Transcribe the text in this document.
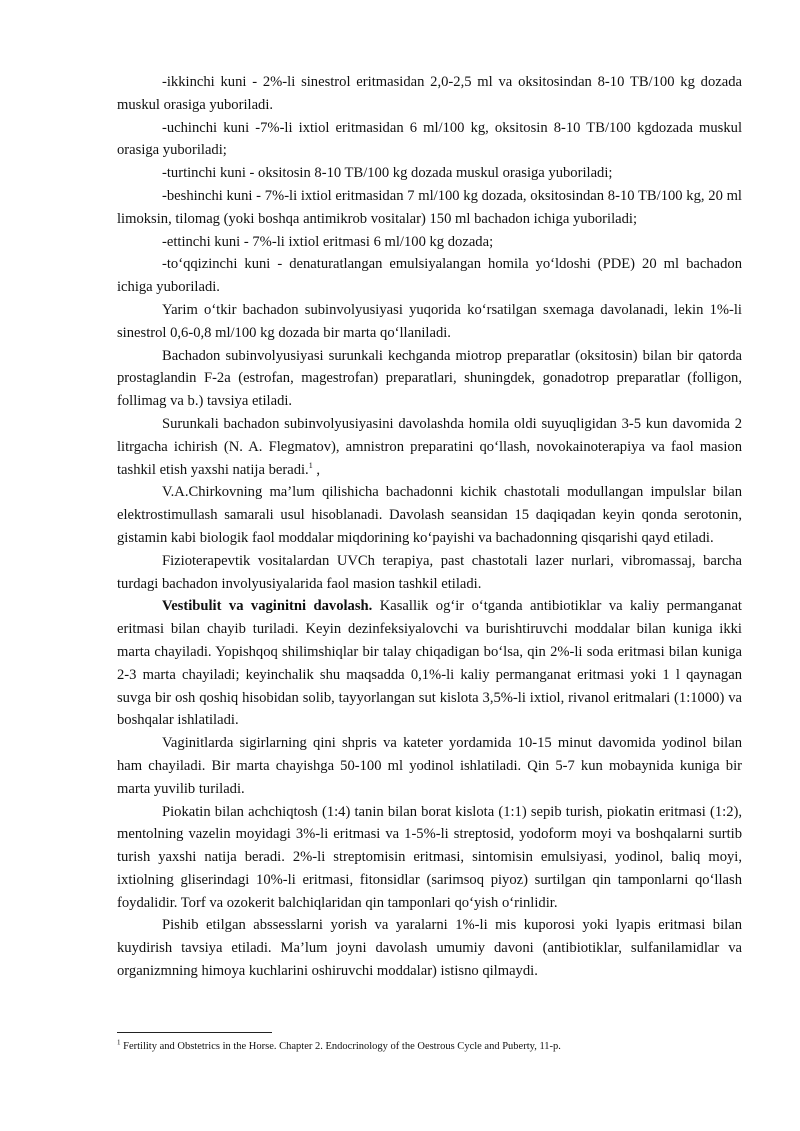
-ikkinchi kuni - 2%-li sinestrol eritmasidan 2,0-2,5 ml va oksitosindan 8-10 TB/100 kg dozada muskul orasiga yuboriladi.

-uchinchi kuni -7%-li ixtiol eritmasidan 6 ml/100 kg, oksitosin 8-10 TB/100 kgdozada muskul orasiga yuboriladi;

-turtinchi kuni - oksitosin 8-10 TB/100 kg dozada muskul orasiga yuboriladi;

-beshinchi kuni - 7%-li ixtiol eritmasidan 7 ml/100 kg dozada, oksitosindan 8-10 TB/100 kg, 20 ml limoksin, tilomag (yoki boshqa antimikrob vositalar) 150 ml bachadon ichiga yuboriladi;

-ettinchi kuni - 7%-li ixtiol eritmasi 6 ml/100 kg dozada;

-to‘qqizinchi kuni - denaturatlangan emulsiyalangan homila yo‘ldoshi (PDE) 20 ml bachadon ichiga yuboriladi.

Yarim o‘tkir bachadon subinvolyusiyasi yuqorida ko‘rsatilgan sxemaga davolanadi, lekin 1%-li sinestrol 0,6-0,8 ml/100 kg dozada bir marta qo‘llaniladi.

Bachadon subinvolyusiyasi surunkali kechganda miotrop preparatlar (oksitosin) bilan bir qatorda prostaglandin F-2a (estrofan, magestrofan) preparatlari, shuningdek, gonadotrop preparatlar (folligon, follimag va b.) tavsiya etiladi.

Surunkali bachadon subinvolyusiyasini davolashda homila oldi suyuqligidan 3-5 kun davomida 2 litrgacha ichirish (N. A. Flegmatov), amnistron preparatini qo‘llash, novokainoterapiya va faol masion tashkil etish yaxshi natija beradi.$^1$ ,

V.A.Chirkovning ma’lum qilishicha bachadonni kichik chastotali modullangan impulslar bilan elektrostimullash samarali usul hisoblanadi. Davolash seansidan 15 daqiqadan keyin qonda serotonin, gistamin kabi biologik faol moddalar miqdorining ko‘payishi va bachadonning qisqarishi qayd etiladi.

Fizioterapevtik vositalardan UVCh terapiya, past chastotali lazer nurlari, vibromassaj, barcha turdagi bachadon involyusiyalarida faol masion tashkil etiladi.

Vestibulit va vaginitni davolash. Kasallik og‘ir o‘tganda antibiotiklar va kaliy permanganat eritmasi bilan chayib turiladi. Keyin dezinfeksiyalovchi va burishtiruvchi moddalar bilan kuniga ikki marta chayiladi. Yopishqoq shilimshiqlar bir talay chiqadigan bo‘lsa, qin 2%-li soda eritmasi bilan kuniga 2-3 marta chayiladi; keyinchalik shu maqsadda 0,1%-li kaliy permanganat eritmasi yoki 1 l qaynagan suvga bir osh qoshiq hisobidan solib, tayyorlangan sut kislota 3,5%-li ixtiol, rivanol eritmalari (1:1000) va boshqalar ishlatiladi.

Vaginitlarda sigirlarning qini shpris va kateter yordamida 10-15 minut davomida yodinol bilan ham chayiladi. Bir marta chayishga 50-100 ml yodinol ishlatiladi. Qin 5-7 kun mobaynida kuniga bir marta yuvilib turiladi.

Piokatin bilan achchiqtosh (1:4) tanin bilan borat kislota (1:1) sepib turish, piokatin eritmasi (1:2), mentolning vazelin moyidagi 3%-li eritmasi va 1-5%-li streptosid, yodoform moyi va boshqalarni surtib turish yaxshi natija beradi. 2%-li streptomisin eritmasi, sintomisin emulsiyasi, yodinol, baliq moyi, ixtiolning gliserindagi 10%-li eritmasi, fitonsidlar (sarimsoq piyoz) surtilgan qin tamponlarni qo‘llash foydalidir. Torf va ozokerit balchiqlaridan qin tamponlari qo‘yish o‘rinlidir.

Pishib etilgan abssesslarni yorish va yaralarni 1%-li mis kuporosi yoki lyapis eritmasi bilan kuydirish tavsiya etiladi. Ma’lum joyni davolash umumiy davoni (antibiotiklar, sulfanilamidlar va organizmning himoya kuchlarini oshiruvchi moddalar) istisno qilmaydi.

$^1$ Fertility and Obstetrics in the Horse. Chapter 2. Endocrinology of the Oestrous Cycle and Puberty, 11-p.
